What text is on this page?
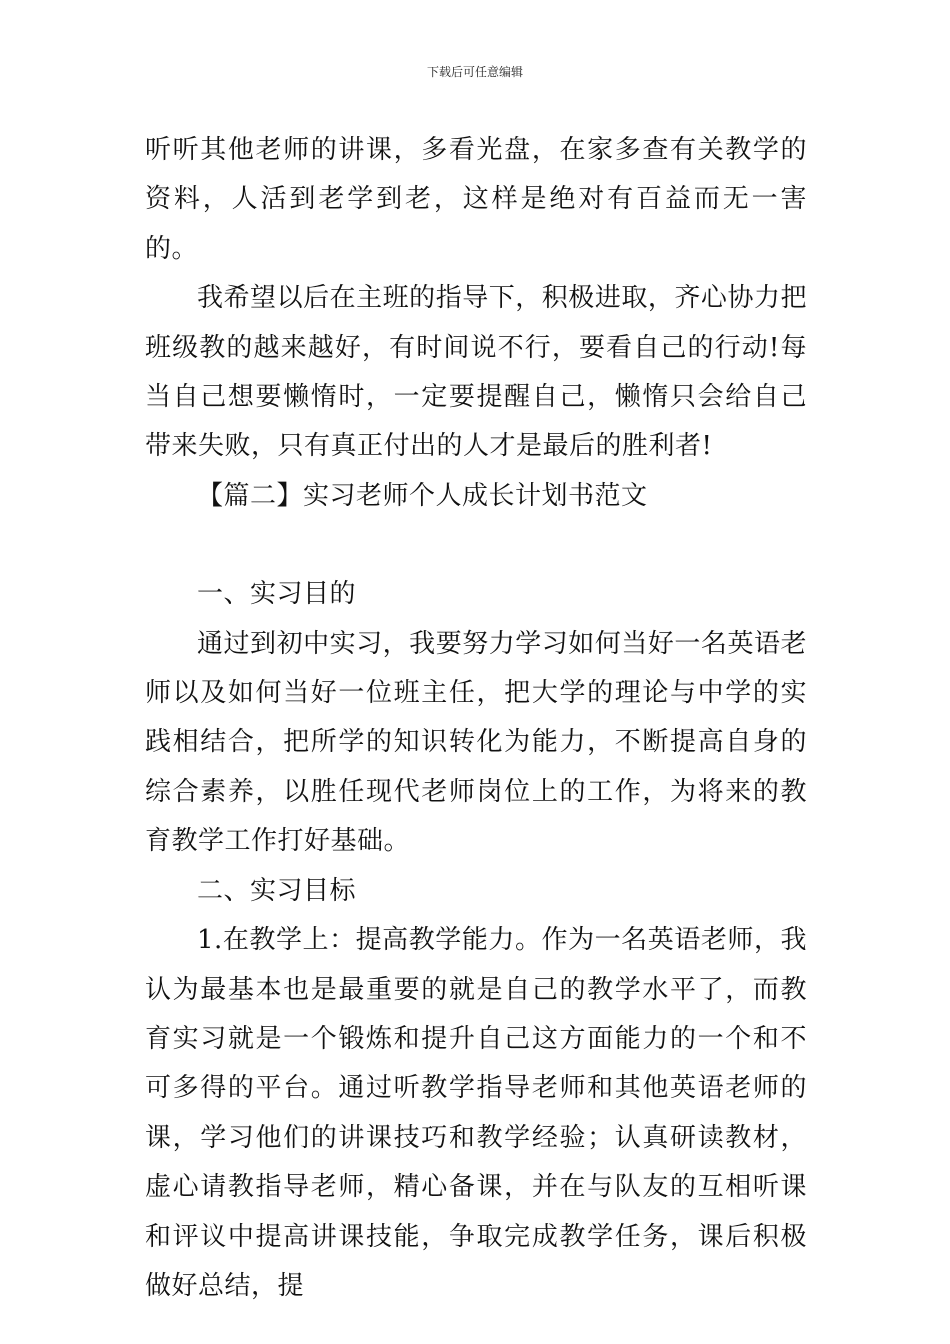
下载后可任意编辑

听听其他老师的讲课，多看光盘，在家多查有关教学的资料，人活到老学到老，这样是绝对有百益而无一害的。

我希望以后在主班的指导下，积极进取，齐心协力把班级教的越来越好，有时间说不行，要看自己的行动!每当自己想要懒惰时，一定要提醒自己，懒惰只会给自己带来失败，只有真正付出的人才是最后的胜利者!

【篇二】实习老师个人成长计划书范文

一、实习目的

通过到初中实习，我要努力学习如何当好一名英语老师以及如何当好一位班主任，把大学的理论与中学的实践相结合，把所学的知识转化为能力，不断提高自身的综合素养，以胜任现代老师岗位上的工作，为将来的教育教学工作打好基础。

二、实习目标

1.在教学上：提高教学能力。作为一名英语老师，我认为最基本也是最重要的就是自己的教学水平了，而教育实习就是一个锻炼和提升自己这方面能力的一个和不可多得的平台。通过听教学指导老师和其他英语老师的课，学习他们的讲课技巧和教学经验；认真研读教材，虚心请教指导老师，精心备课，并在与队友的互相听课和评议中提高讲课技能，争取完成教学任务，课后积极做好总结，提
